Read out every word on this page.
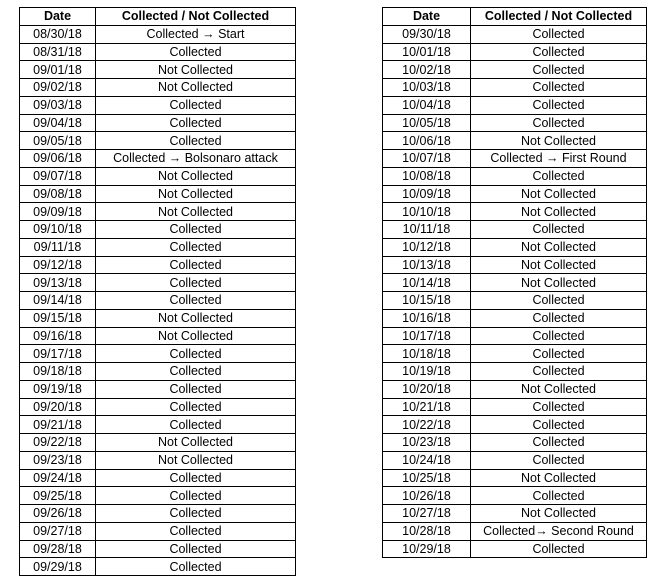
Date	Collected / Not Collected
08/30/18	Collected → Start
08/31/18	Collected
09/01/18	Not Collected
09/02/18	Not Collected
09/03/18	Collected
09/04/18	Collected
09/05/18	Collected
09/06/18	Collected → Bolsonaro attack
09/07/18	Not Collected
09/08/18	Not Collected
09/09/18	Not Collected
09/10/18	Collected
09/11/18	Collected
09/12/18	Collected
09/13/18	Collected
09/14/18	Collected
09/15/18	Not Collected
09/16/18	Not Collected
09/17/18	Collected
09/18/18	Collected
09/19/18	Collected
09/20/18	Collected
09/21/18	Collected
09/22/18	Not Collected
09/23/18	Not Collected
09/24/18	Collected
09/25/18	Collected
09/26/18	Collected
09/27/18	Collected
09/28/18	Collected
09/29/18	Collected
Date	Collected / Not Collected
09/30/18	Collected
10/01/18	Collected
10/02/18	Collected
10/03/18	Collected
10/04/18	Collected
10/05/18	Collected
10/06/18	Not Collected
10/07/18	Collected → First Round
10/08/18	Collected
10/09/18	Not Collected
10/10/18	Not Collected
10/11/18	Collected
10/12/18	Not Collected
10/13/18	Not Collected
10/14/18	Not Collected
10/15/18	Collected
10/16/18	Collected
10/17/18	Collected
10/18/18	Collected
10/19/18	Collected
10/20/18	Not Collected
10/21/18	Collected
10/22/18	Collected
10/23/18	Collected
10/24/18	Collected
10/25/18	Not Collected
10/26/18	Collected
10/27/18	Not Collected
10/28/18	Collected→ Second Round
10/29/18	Collected
